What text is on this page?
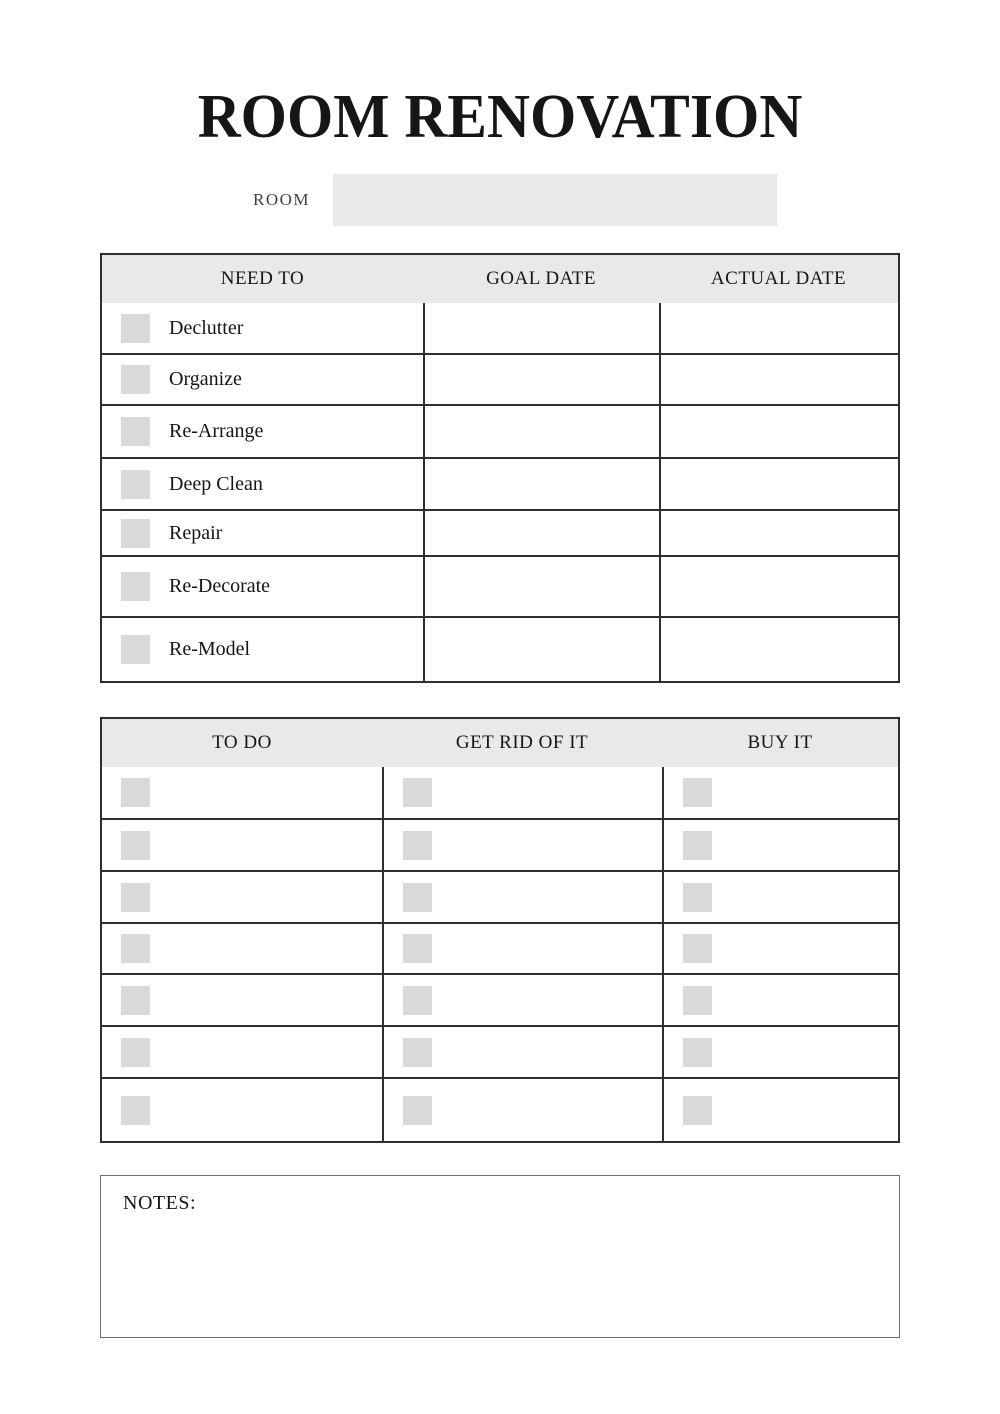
ROOM RENOVATION
ROOM
NEED TO	GOAL DATE	ACTUAL DATE
Declutter
Organize
Re-Arrange
Deep Clean
Repair
Re-Decorate
Re-Model
TO DO	GET RID OF IT	BUY IT
NOTES:
